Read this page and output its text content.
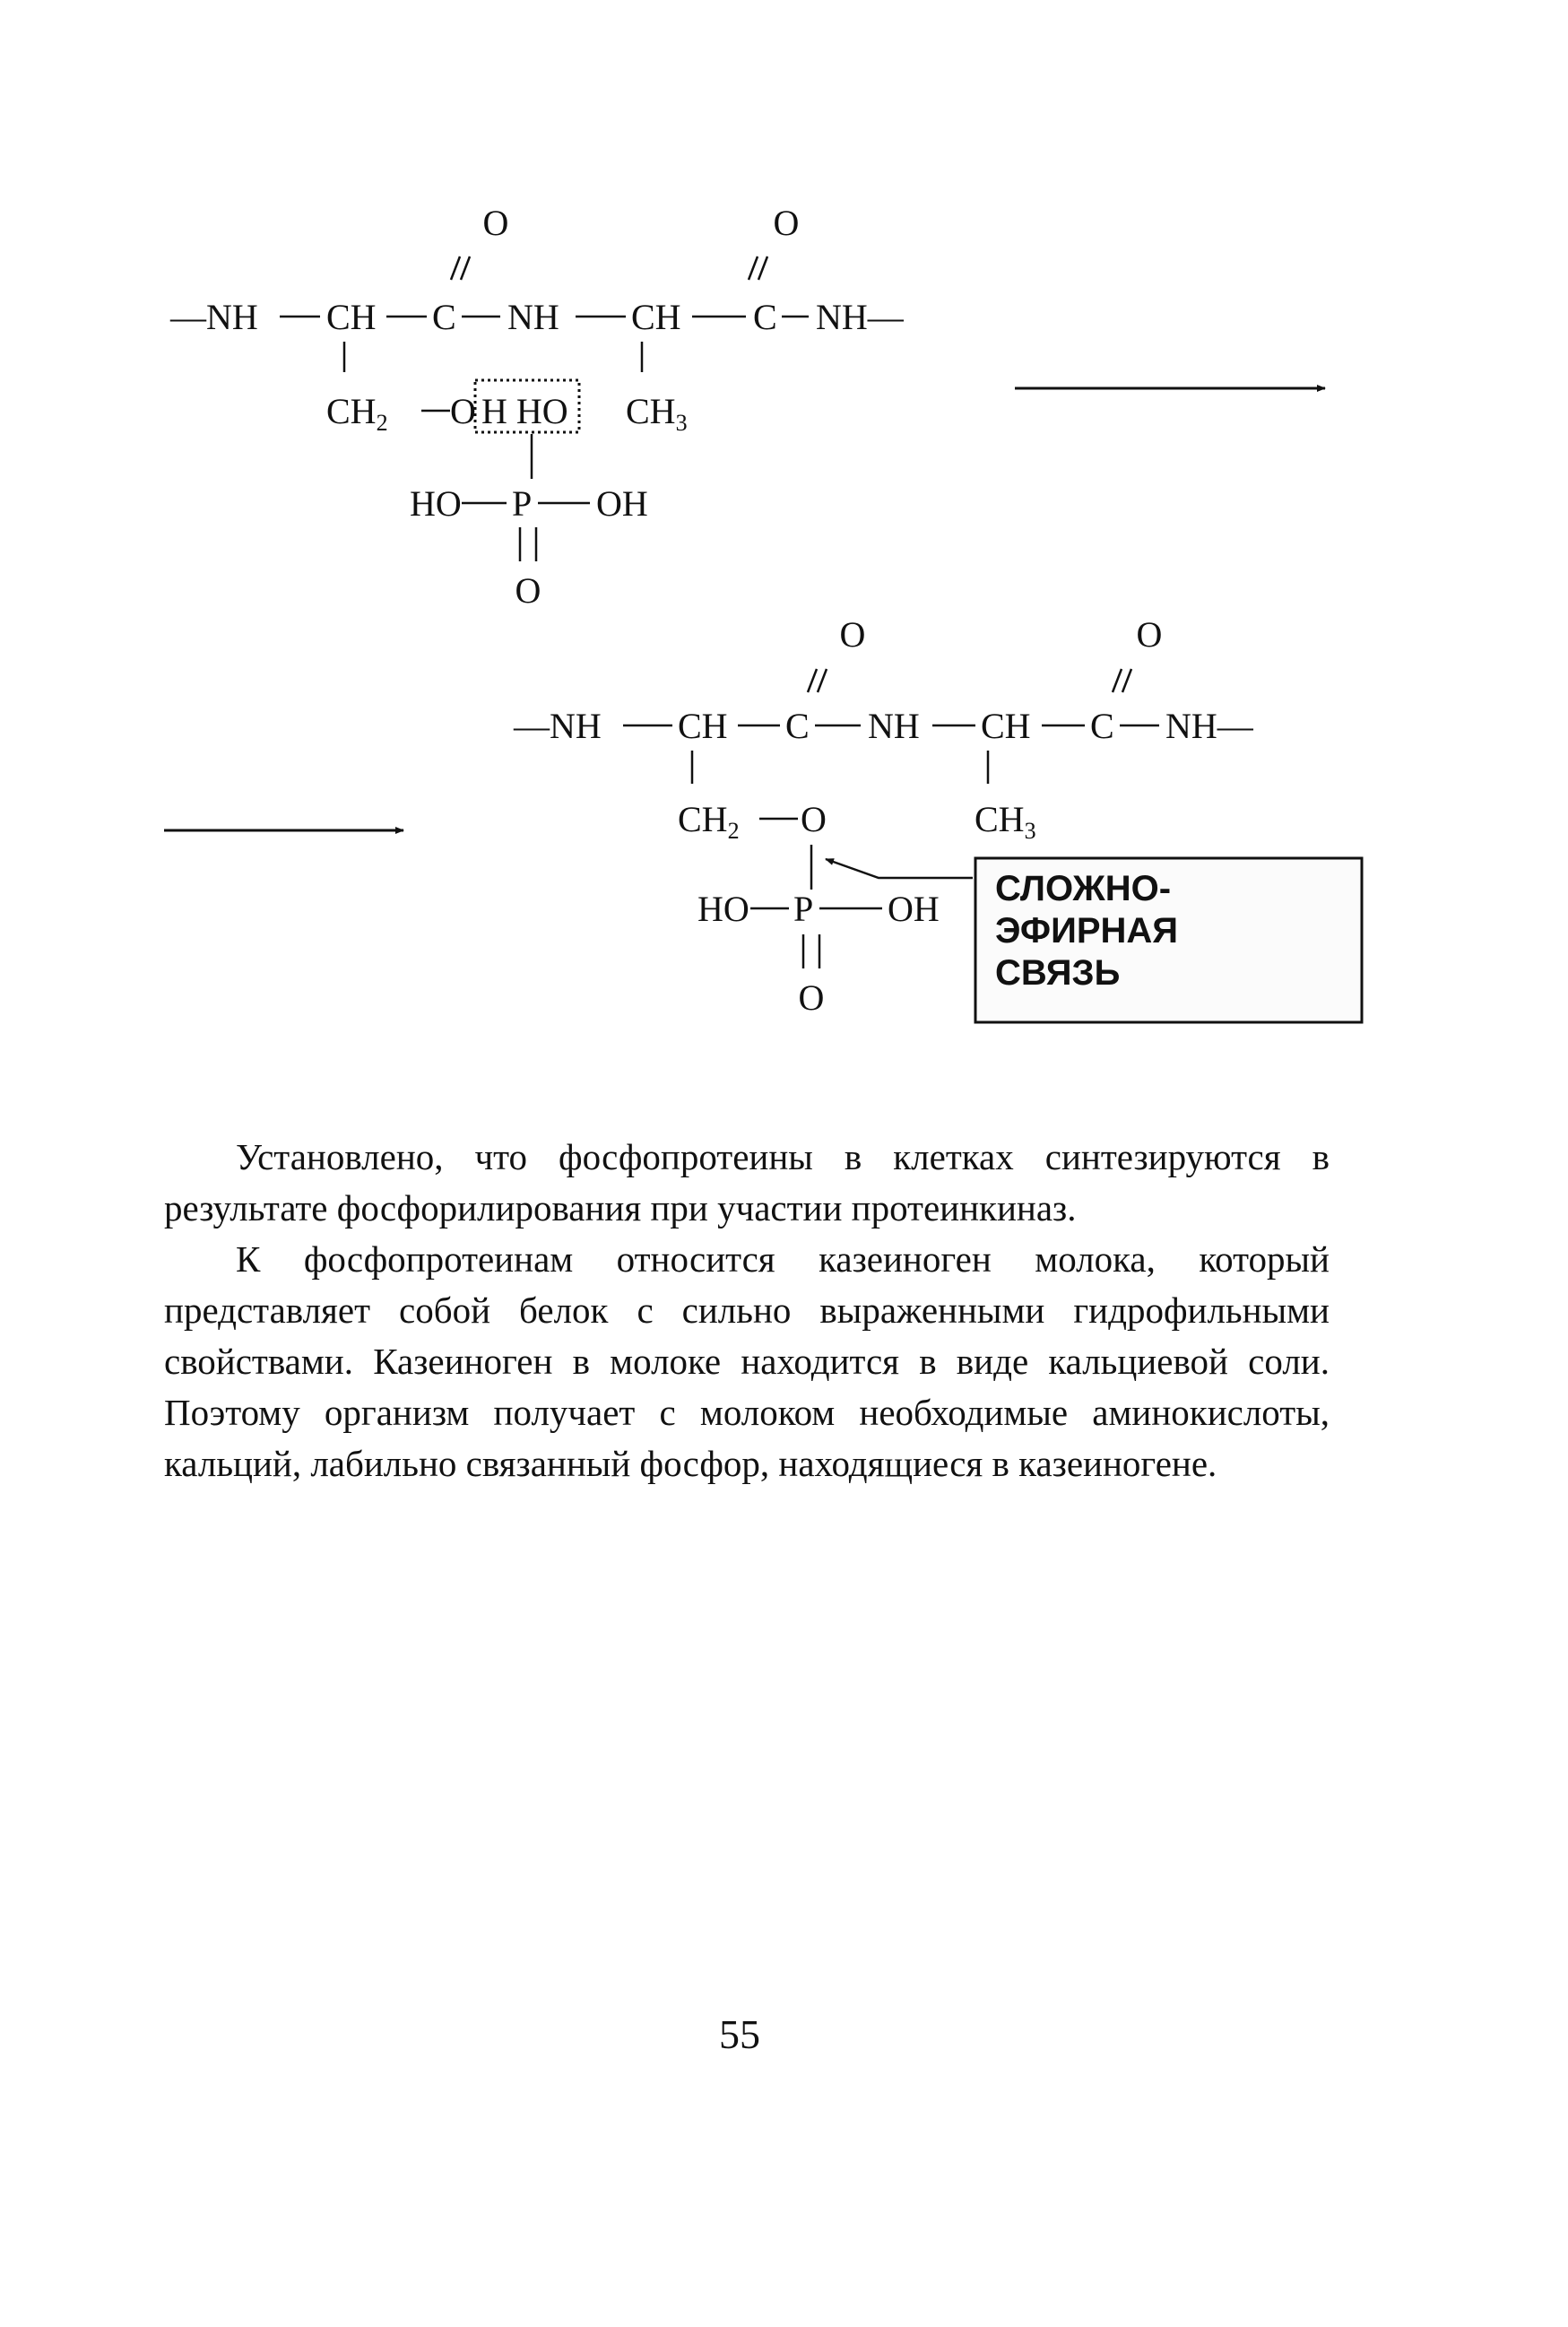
O	O
—NH CH C NH CH C NH—
$CH_2$ O H HO $CH_3$
HO P OH
O
O	O
—NH CH C NH CH C NH—
$CH_2$ O	$CH_3$
HO P OH
O
СЛОЖНО-
ЭФИРНАЯ
СВЯЗЬ

Установлено, что фосфопротеины в клетках синтезируются в результате фосфорилирования при участии протеинкиназ.

К фосфопротеинам относится казеиноген молока, который представляет собой белок с сильно выраженными гидрофильными свойствами. Казеиноген в молоке находится в виде кальциевой соли. Поэтому организм получает с молоком необходимые аминокислоты, кальций, лабильно связанный фосфор, находящиеся в казеиногене.

55
